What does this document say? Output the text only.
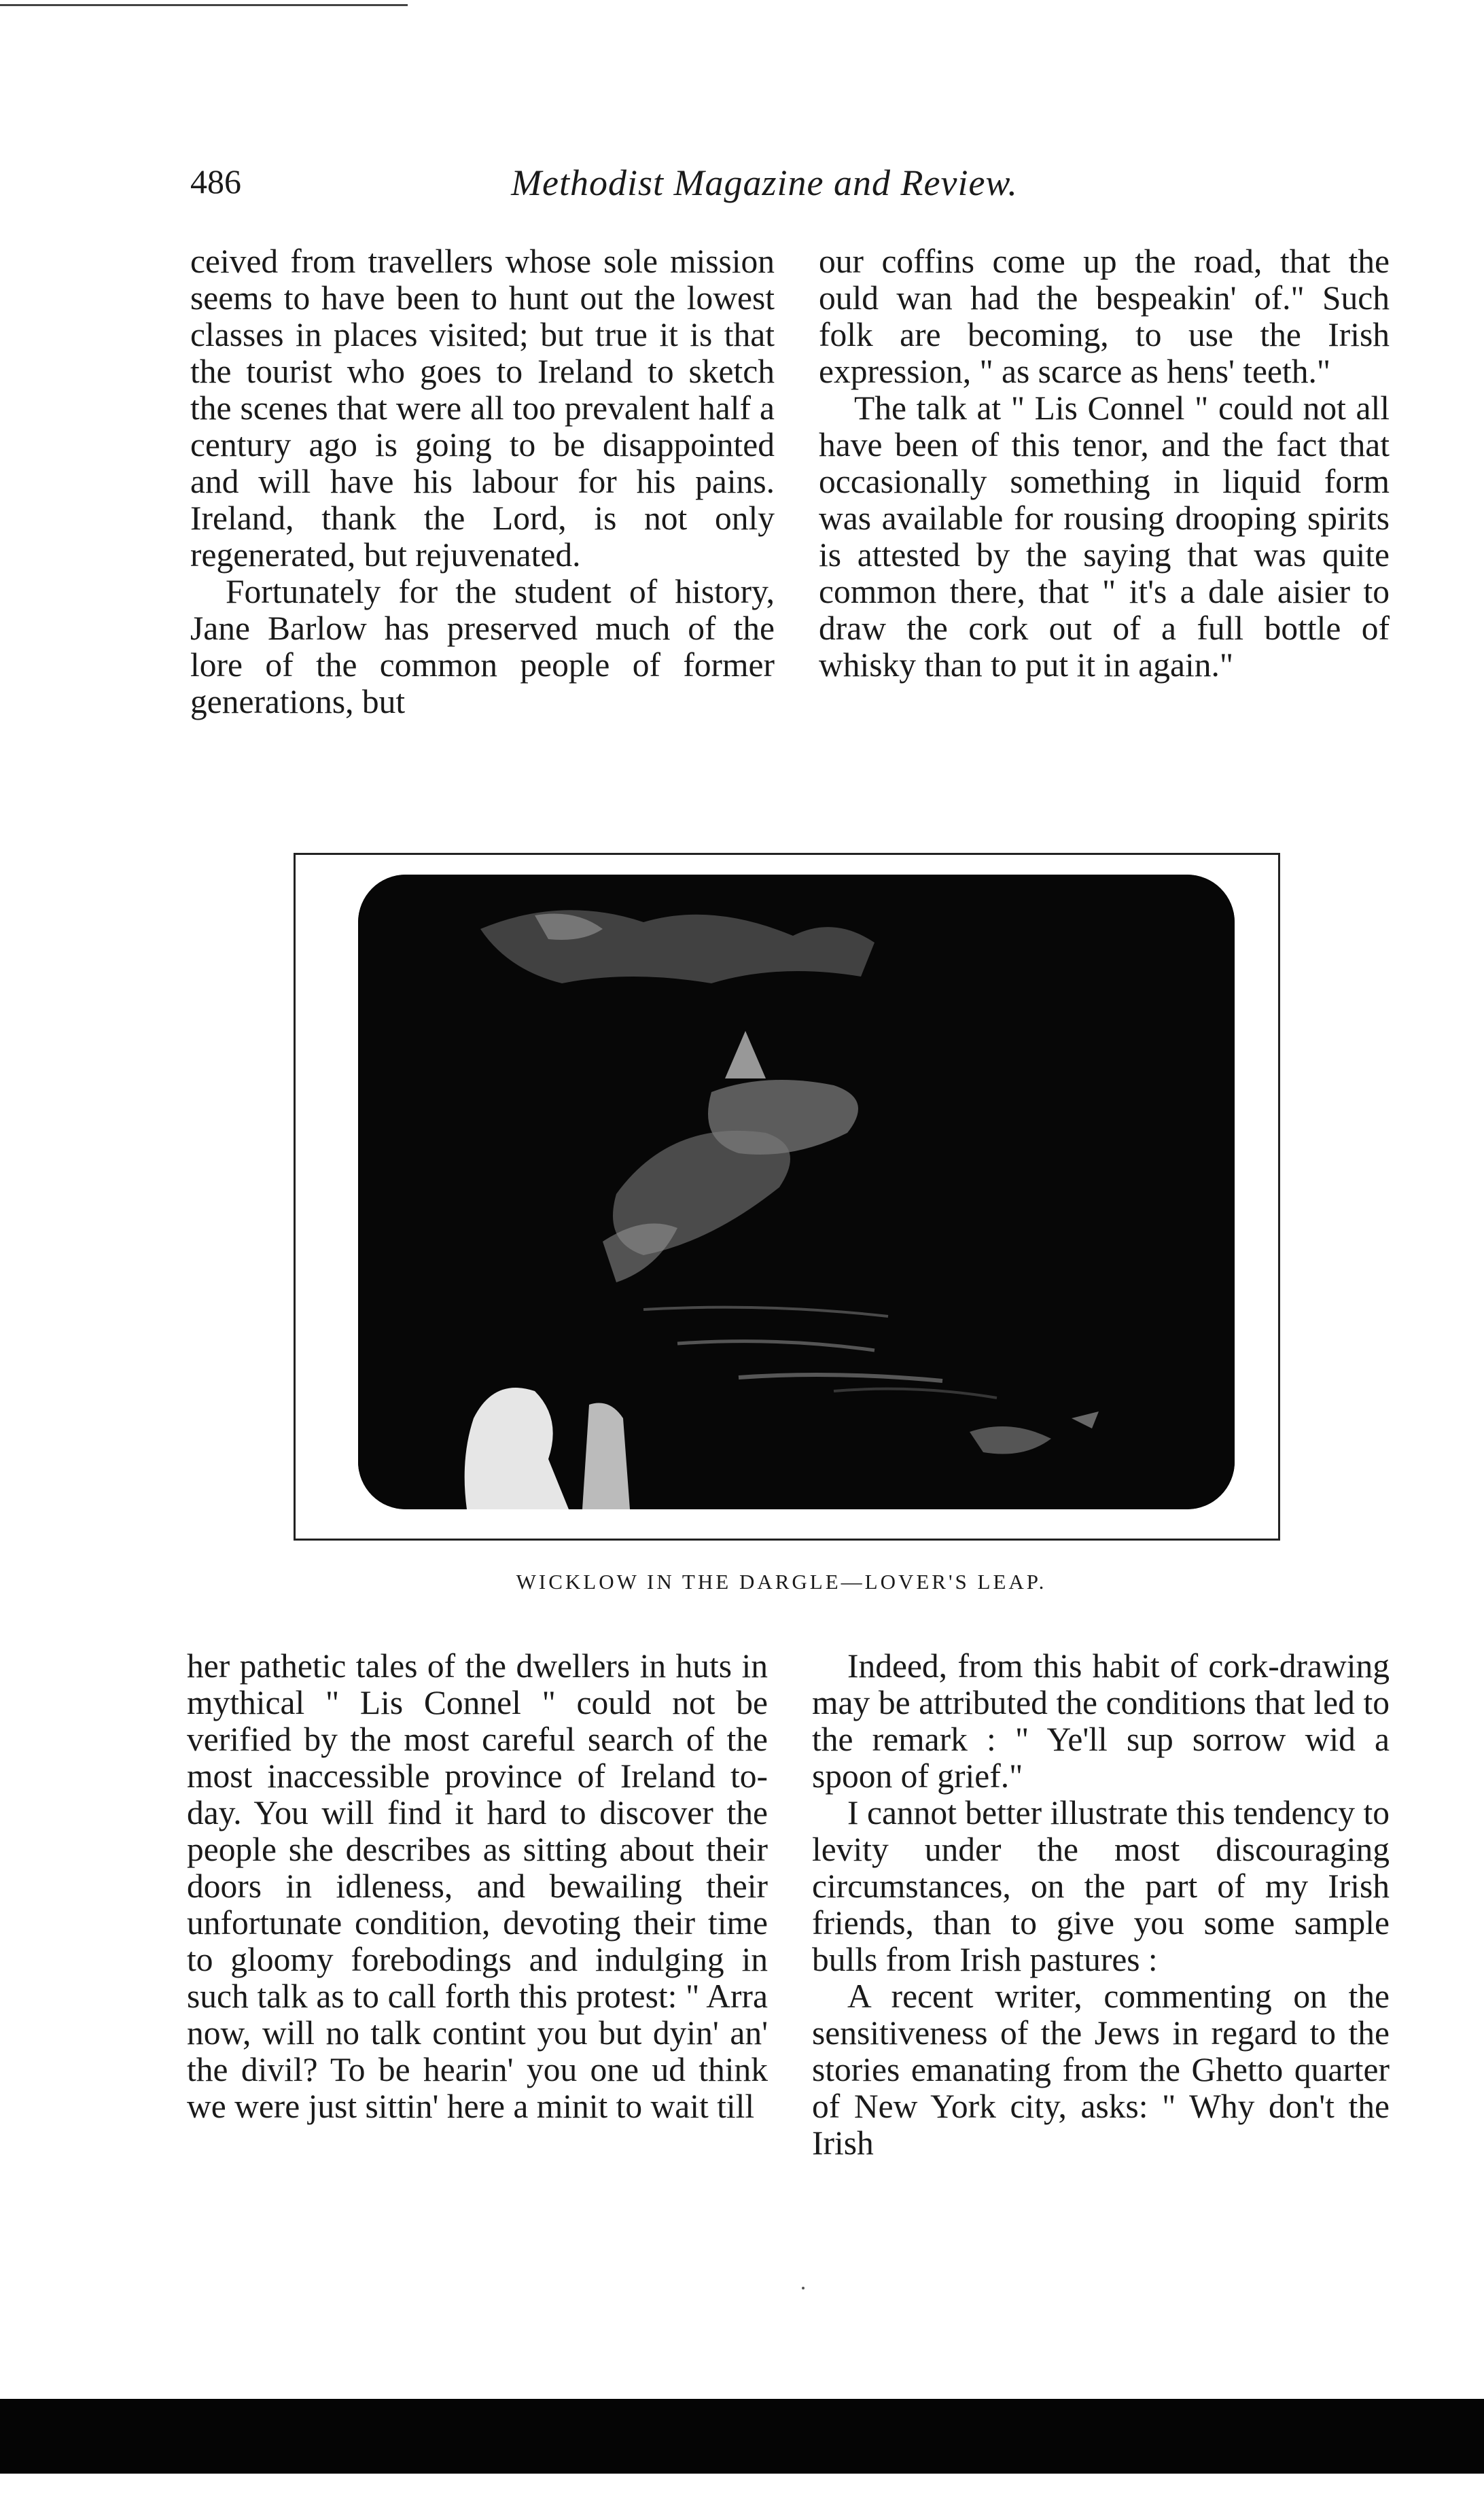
486	Methodist Magazine and Review.

ceived from travellers whose sole mission seems to have been to hunt out the lowest classes in places visited; but true it is that the tourist who goes to Ireland to sketch the scenes that were all too prevalent half a century ago is going to be disappointed and will have his labour for his pains. Ireland, thank the Lord, is not only regenerated, but rejuvenated.

Fortunately for the student of history, Jane Barlow has preserved much of the lore of the common people of former generations, but

our coffins come up the road, that the ould wan had the bespeakin' of." Such folk are becoming, to use the Irish expression, " as scarce as hens' teeth."

The talk at " Lis Connel " could not all have been of this tenor, and the fact that occasionally something in liquid form was available for rousing drooping spirits is attested by the saying that was quite common there, that " it's a dale aisier to draw the cork out of a full bottle of whisky than to put it in again."

WICKLOW IN THE DARGLE—LOVER'S LEAP.

her pathetic tales of the dwellers in huts in mythical " Lis Connel " could not be verified by the most careful search of the most inaccessible province of Ireland to-day. You will find it hard to discover the people she describes as sitting about their doors in idleness, and bewailing their unfortunate condition, devoting their time to gloomy forebodings and indulging in such talk as to call forth this protest: " Arra now, will no talk contint you but dyin' an' the divil? To be hearin' you one ud think we were just sittin' here a minit to wait till

Indeed, from this habit of cork-drawing may be attributed the conditions that led to the remark : " Ye'll sup sorrow wid a spoon of grief."

I cannot better illustrate this tendency to levity under the most discouraging circumstances, on the part of my Irish friends, than to give you some sample bulls from Irish pastures :

A recent writer, commenting on the sensitiveness of the Jews in regard to the stories emanating from the Ghetto quarter of New York city, asks: " Why don't the Irish
